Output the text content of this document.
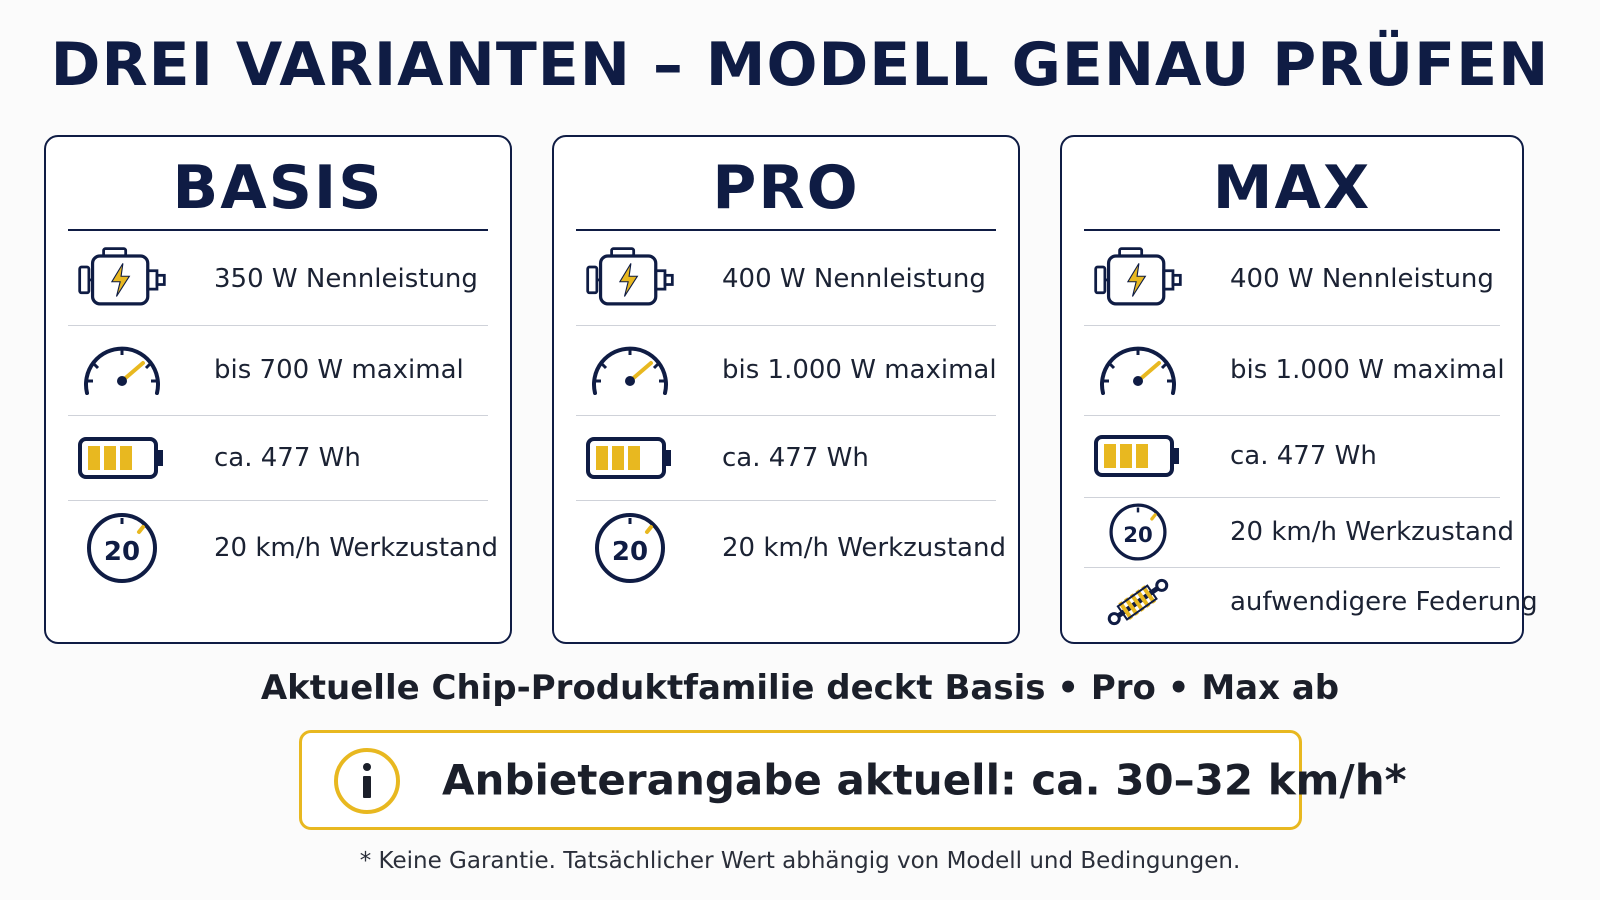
DREI VARIANTEN – MODELL GENAU PRÜFEN
BASIS
350 W Nennleistung
bis 700 W maximal
ca. 477 Wh
20	20 km/h Werkzustand
PRO
400 W Nennleistung
bis 1.000 W maximal
ca. 477 Wh
20	20 km/h Werkzustand
MAX
400 W Nennleistung
bis 1.000 W maximal
ca. 477 Wh
20	20 km/h Werkzustand
aufwendigere Federung
Aktuelle Chip-Produktfamilie deckt Basis • Pro • Max ab
Anbieterangabe aktuell: ca. 30–32 km/h*
* Keine Garantie. Tatsächlicher Wert abhängig von Modell und Bedingungen.
